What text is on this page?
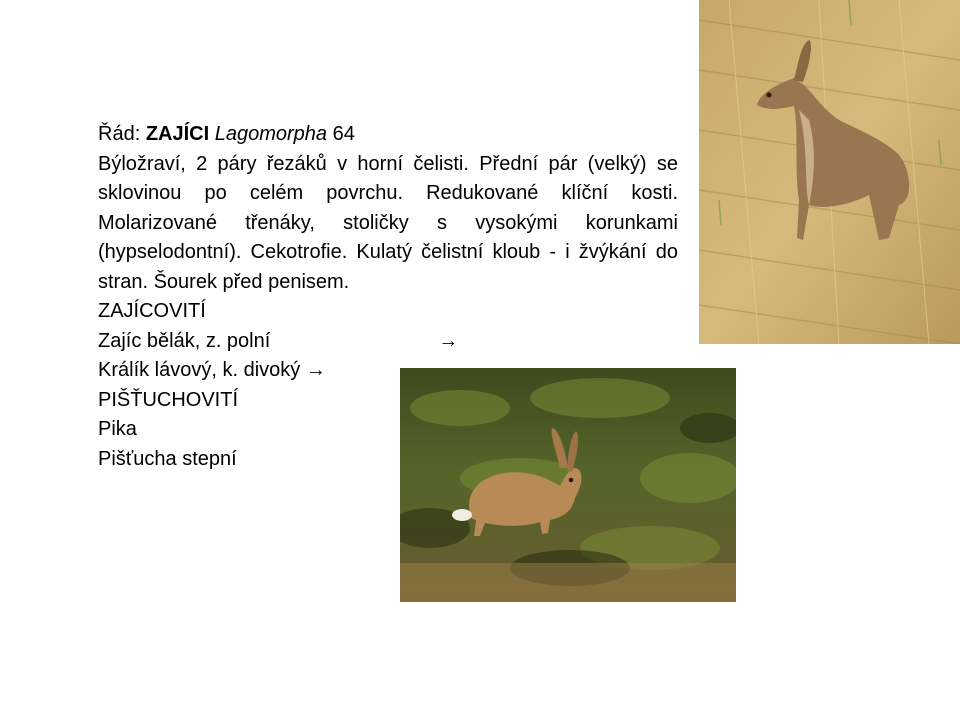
Řád: ZAJÍCI Lagomorpha 64
Býložraví, 2 páry řezáků v horní čelisti. Přední pár (velký) se sklovinou po celém povrchu. Redukované klíční kosti. Molarizované třenáky, stoličky s vysokými korunkami (hypselodontní). Cekotrofie. Kulatý čelistní kloub - i žvýkání do stran. Šourek před penisem.
ZAJÍCOVITÍ
Zajíc bělák, z. polní	→
Králík lávový, k. divoký →
PIŠŤUCHOVITÍ
Pika
Pišťucha stepní
